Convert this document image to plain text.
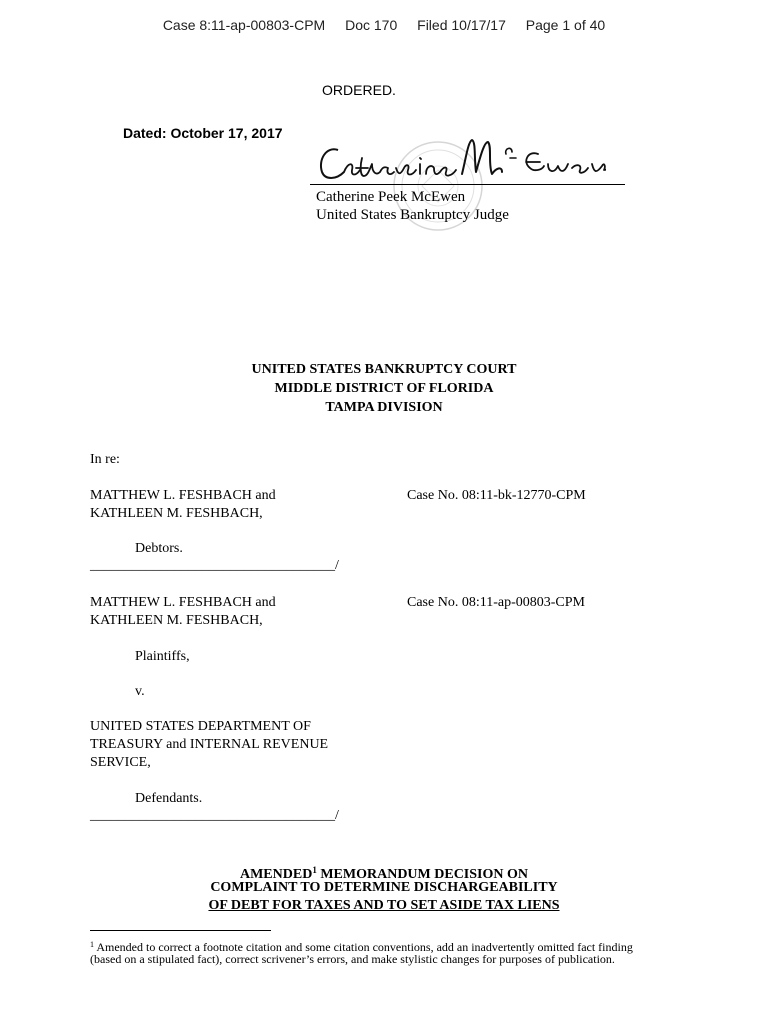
Case 8:11-ap-00803-CPM Doc 170 Filed 10/17/17 Page 1 of 40
ORDERED.
Dated: October 17, 2017
Catherine Peek McEwen
United States Bankruptcy Judge
UNITED STATES BANKRUPTCY COURT
MIDDLE DISTRICT OF FLORIDA
TAMPA DIVISION
In re:
MATTHEW L. FESHBACH and
KATHLEEN M. FESHBACH,
Case No. 08:11-bk-12770-CPM
Debtors.
___________________________________/
MATTHEW L. FESHBACH and
KATHLEEN M. FESHBACH,
Case No. 08:11-ap-00803-CPM
Plaintiffs,
v.
UNITED STATES DEPARTMENT OF
TREASURY and INTERNAL REVENUE
SERVICE,
Defendants.
___________________________________/
AMENDED$^1$ MEMORANDUM DECISION ON
COMPLAINT TO DETERMINE DISCHARGEABILITY
OF DEBT FOR TAXES AND TO SET ASIDE TAX LIENS
$^1$ Amended to correct a footnote citation and some citation conventions, add an inadvertently omitted fact finding
(based on a stipulated fact), correct scrivener’s errors, and make stylistic changes for purposes of publication.
